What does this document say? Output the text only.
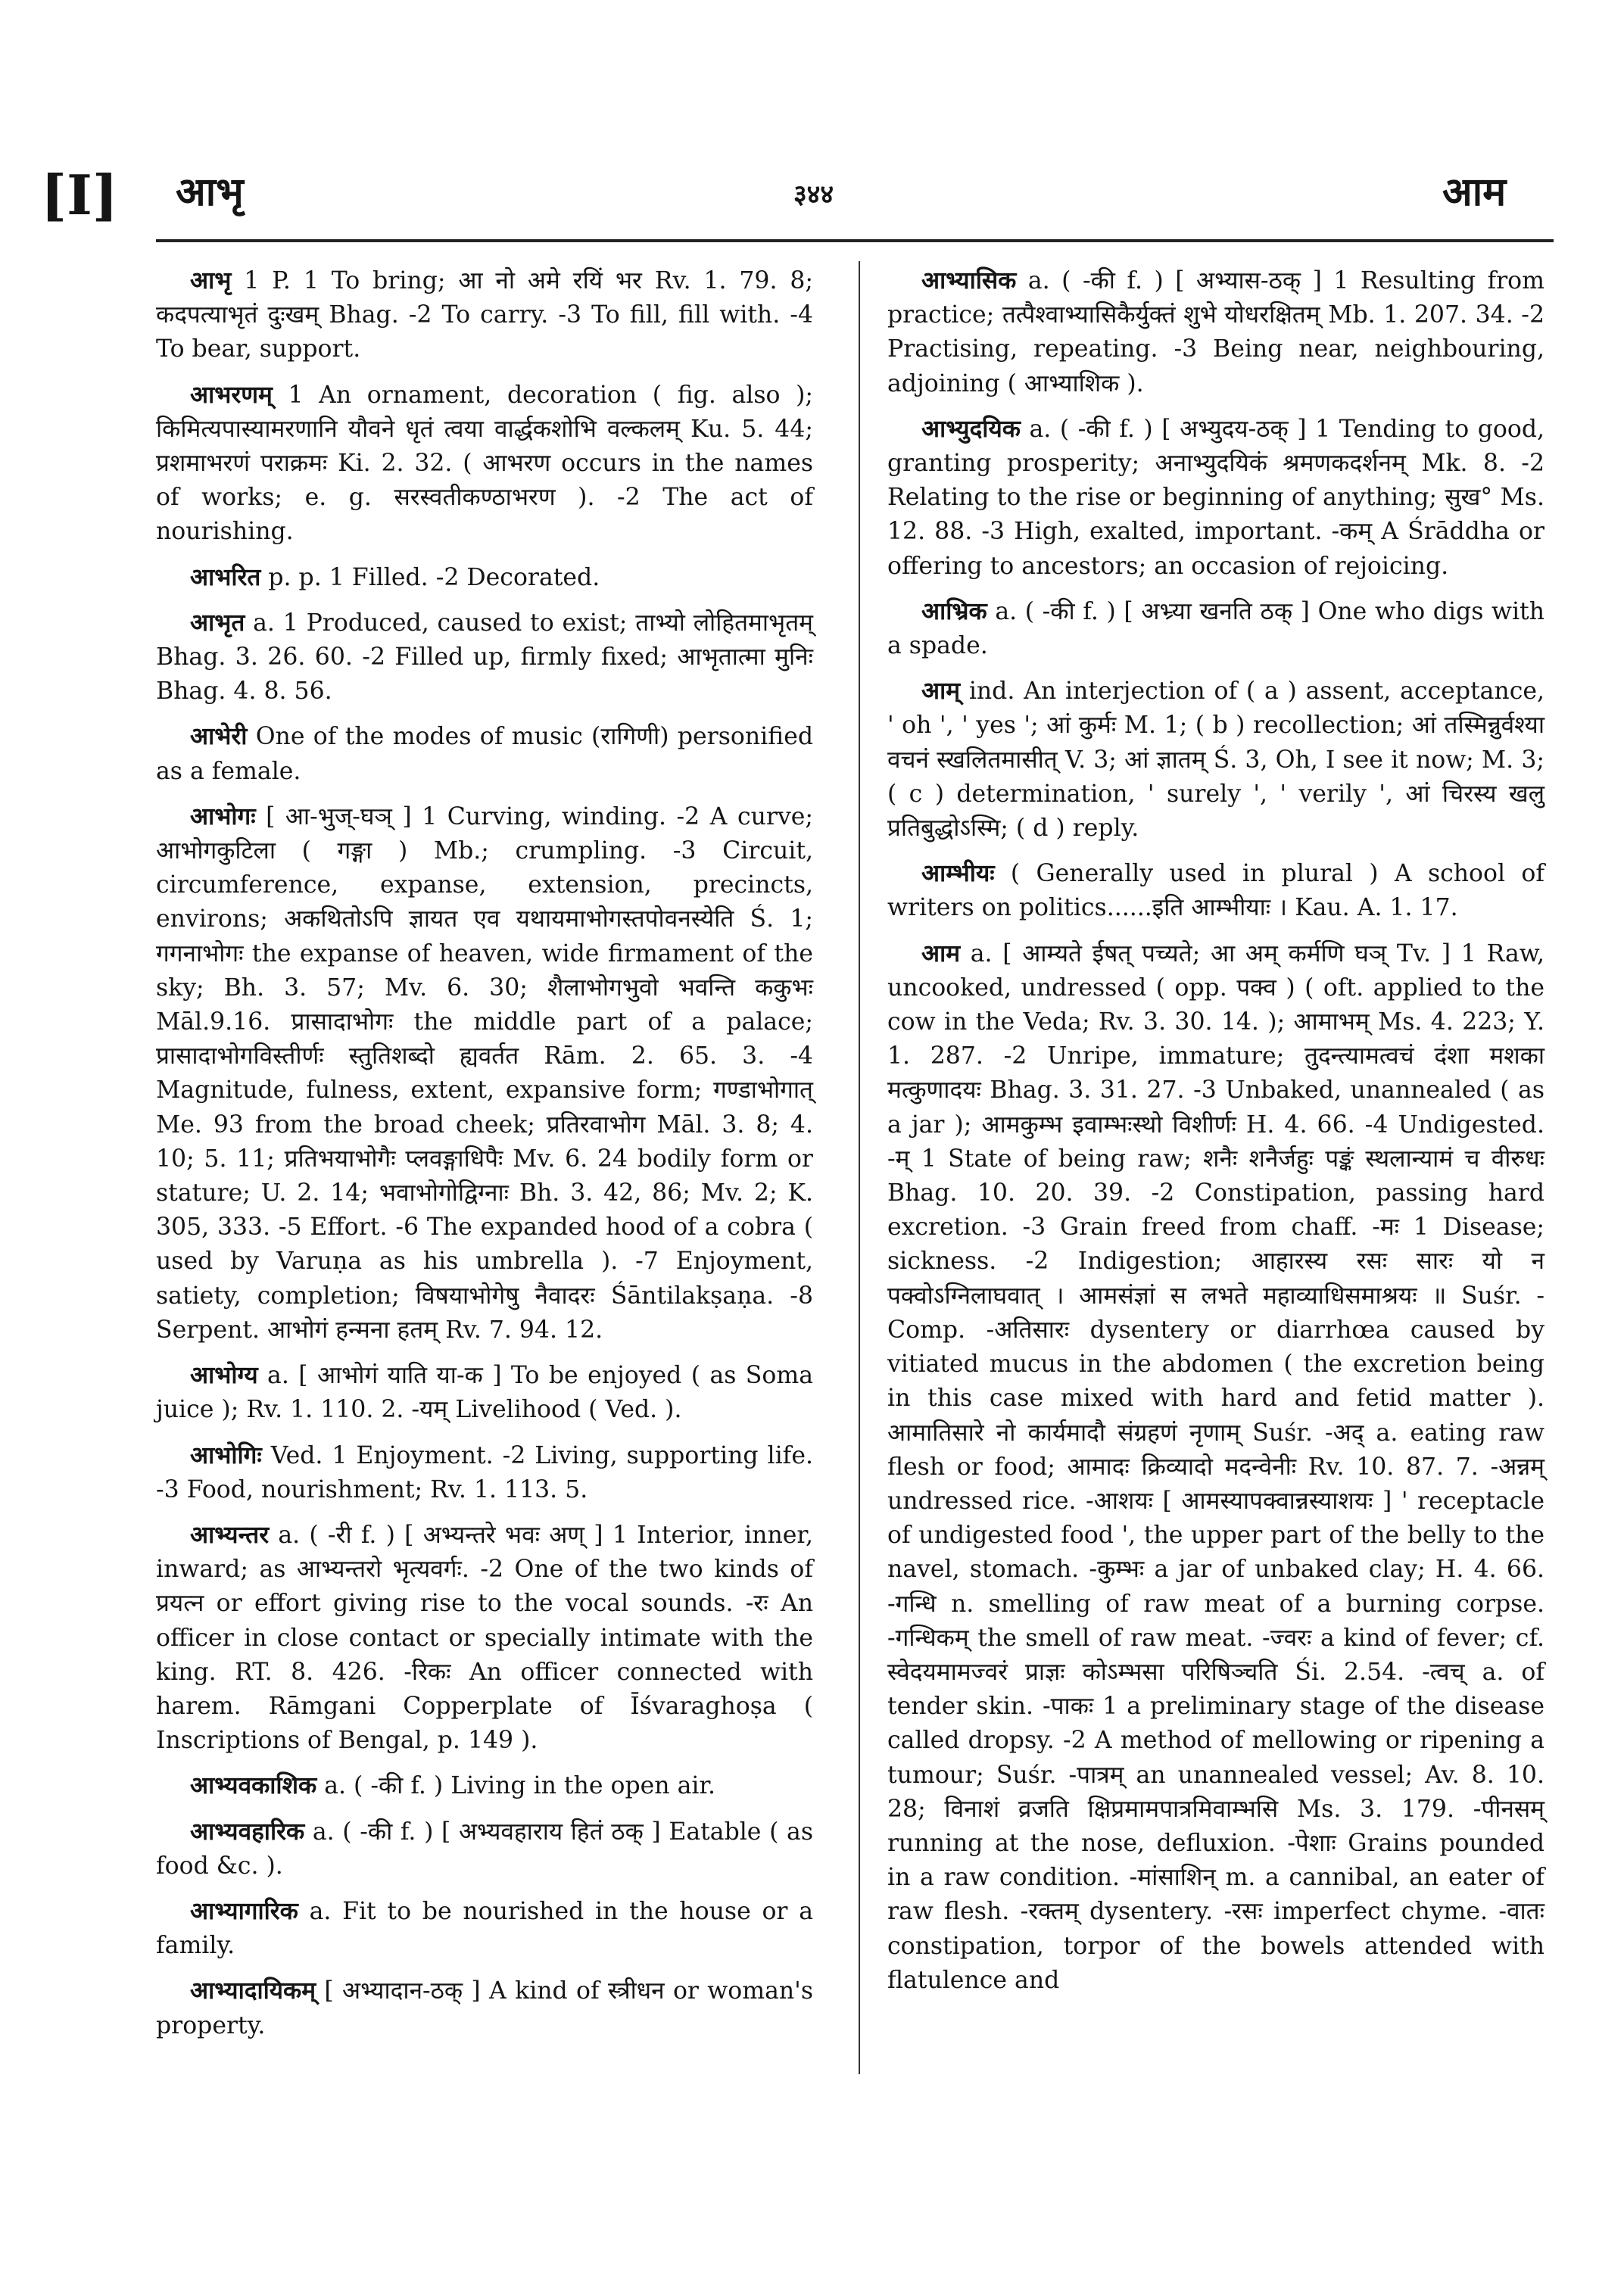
[I] आभृ	३४४	आम

आभृ 1 P. 1 To bring; आ नो अमे रयिं भर Rv. 1. 79. 8; कदपत्याभृतं दुःखम् Bhag. -2 To carry. -3 To fill, fill with. -4 To bear, support.

आभरणम् 1 An ornament, decoration ( fig. also ); किमित्यपास्यामरणानि यौवने धृतं त्वया वार्द्धकशोभि वल्कलम् Ku. 5. 44; प्रशमाभरणं पराक्रमः Ki. 2. 32. ( आभरण occurs in the names of works; e. g. सरस्वतीकण्ठाभरण ). -2 The act of nourishing.

आभरित p. p. 1 Filled. -2 Decorated.

आभृत a. 1 Produced, caused to exist; ताभ्यो लोहितमाभृतम् Bhag. 3. 26. 60. -2 Filled up, firmly fixed; आभृतात्मा मुनिः Bhag. 4. 8. 56.

आभेरी One of the modes of music (रागिणी) personified as a female.

आभोगः [ आ-भुज्-घञ् ] 1 Curving, winding. -2 A curve; आभोगकुटिला ( गङ्गा ) Mb.; crumpling. -3 Circuit, circumference, expanse, extension, precincts, environs; अकथितोऽपि ज्ञायत एव यथायमाभोगस्तपोवनस्येति Ś. 1; गगनाभोगः the expanse of heaven, wide firmament of the sky; Bh. 3. 57; Mv. 6. 30; शैलाभोगभुवो भवन्ति ककुभः Māl.9.16. प्रासादाभोगः the middle part of a palace; प्रासादाभोगविस्तीर्णः स्तुतिशब्दो ह्यवर्तत Rām. 2. 65. 3. -4 Magnitude, fulness, extent, expansive form; गण्डाभोगात् Me. 93 from the broad cheek; प्रतिरवाभोग Māl. 3. 8; 4. 10; 5. 11; प्रतिभयाभोगैः प्लवङ्गाधिपैः Mv. 6. 24 bodily form or stature; U. 2. 14; भवाभोगोद्विग्नाः Bh. 3. 42, 86; Mv. 2; K. 305, 333. -5 Effort. -6 The expanded hood of a cobra ( used by Varuṇa as his umbrella ). -7 Enjoyment, satiety, completion; विषयाभोगेषु नैवादरः Śāntilakṣaṇa. -8 Serpent. आभोगं हन्मना हतम् Rv. 7. 94. 12.

आभोग्य a. [ आभोगं याति या-क ] To be enjoyed ( as Soma juice ); Rv. 1. 110. 2. -यम् Livelihood ( Ved. ).

आभोगिः Ved. 1 Enjoyment. -2 Living, supporting life. -3 Food, nourishment; Rv. 1. 113. 5.

आभ्यन्तर a. ( -री f. ) [ अभ्यन्तरे भवः अण् ] 1 Interior, inner, inward; as आभ्यन्तरो भृत्यवर्गः. -2 One of the two kinds of प्रयत्न or effort giving rise to the vocal sounds. -रः An officer in close contact or specially intimate with the king. RT. 8. 426. -रिकः An officer connected with harem. Rāmgani Copperplate of Īśvaraghoṣa ( Inscriptions of Bengal, p. 149 ).

आभ्यवकाशिक a. ( -की f. ) Living in the open air.

आभ्यवहारिक a. ( -की f. ) [ अभ्यवहाराय हितं ठक् ] Eatable ( as food &c. ).

आभ्यागारिक a. Fit to be nourished in the house or a family.

आभ्यादायिकम् [ अभ्यादान-ठक् ] A kind of स्त्रीधन or woman's property.

आभ्यासिक a. ( -की f. ) [ अभ्यास-ठक् ] 1 Resulting from practice; तत्पैश्वाभ्यासिकैर्युक्तं शुभे योधरक्षितम् Mb. 1. 207. 34. -2 Practising, repeating. -3 Being near, neighbouring, adjoining ( आभ्याशिक ).

आभ्युदयिक a. ( -की f. ) [ अभ्युदय-ठक् ] 1 Tending to good, granting prosperity; अनाभ्युदयिकं श्रमणकदर्शनम् Mk. 8. -2 Relating to the rise or beginning of anything; सुख° Ms. 12. 88. -3 High, exalted, important. -कम् A Śrāddha or offering to ancestors; an occasion of rejoicing.

आभ्रिक a. ( -की f. ) [ अभ्र्या खनति ठक् ] One who digs with a spade.

आम् ind. An interjection of ( a ) assent, acceptance, ' oh ', ' yes '; आं कुर्मः M. 1; ( b ) recollection; आं तस्मिन्नुर्वश्या वचनं स्खलितमासीत् V. 3; आं ज्ञातम् Ś. 3, Oh, I see it now; M. 3; ( c ) determination, ' surely ', ' verily ', आं चिरस्य खलु प्रतिबुद्धोऽस्मि; ( d ) reply.

आम्भीयः ( Generally used in plural ) A school of writers on politics......इति आम्भीयाः । Kau. A. 1. 17.

आम a. [ आम्यते ईषत् पच्यते; आ अम् कर्मणि घञ् Tv. ] 1 Raw, uncooked, undressed ( opp. पक्व ) ( oft. applied to the cow in the Veda; Rv. 3. 30. 14. ); आमाभम् Ms. 4. 223; Y. 1. 287. -2 Unripe, immature; तुदन्त्यामत्वचं दंशा मशका मत्कुणादयः Bhag. 3. 31. 27. -3 Unbaked, unannealed ( as a jar ); आमकुम्भ इवाम्भःस्थो विशीर्णः H. 4. 66. -4 Undigested. -म् 1 State of being raw; शनैः शनैर्जहुः पङ्कं स्थलान्यामं च वीरुधः Bhag. 10. 20. 39. -2 Constipation, passing hard excretion. -3 Grain freed from chaff. -मः 1 Disease; sickness. -2 Indigestion; आहारस्य रसः सारः यो न पक्वोऽग्निलाघवात् । आमसंज्ञां स लभते महाव्याधिसमाश्रयः ॥ Suśr. -Comp. -अतिसारः dysentery or diarrhœa caused by vitiated mucus in the abdomen ( the excretion being in this case mixed with hard and fetid matter ). आमातिसारे नो कार्यमादौ संग्रहणं नृणाम् Suśr. -अद् a. eating raw flesh or food; आमादः क्रिव्यादो मदन्वेनीः Rv. 10. 87. 7. -अन्नम् undressed rice. -आशयः [ आमस्यापक्वान्नस्याशयः ] ' receptacle of undigested food ', the upper part of the belly to the navel, stomach. -कुम्भः a jar of unbaked clay; H. 4. 66. -गन्धि n. smelling of raw meat of a burning corpse. -गन्धिकम् the smell of raw meat. -ज्वरः a kind of fever; cf. स्वेदयमामज्वरं प्राज्ञः कोऽम्भसा परिषिञ्चति Śi. 2.54. -त्वच् a. of tender skin. -पाकः 1 a preliminary stage of the disease called dropsy. -2 A method of mellowing or ripening a tumour; Suśr. -पात्रम् an unannealed vessel; Av. 8. 10. 28; विनाशं व्रजति क्षिप्रमामपात्रमिवाम्भसि Ms. 3. 179. -पीनसम् running at the nose, defluxion. -पेशाः Grains pounded in a raw condition. -मांसाशिन् m. a cannibal, an eater of raw flesh. -रक्तम् dysentery. -रसः imperfect chyme. -वातः constipation, torpor of the bowels attended with flatulence and
